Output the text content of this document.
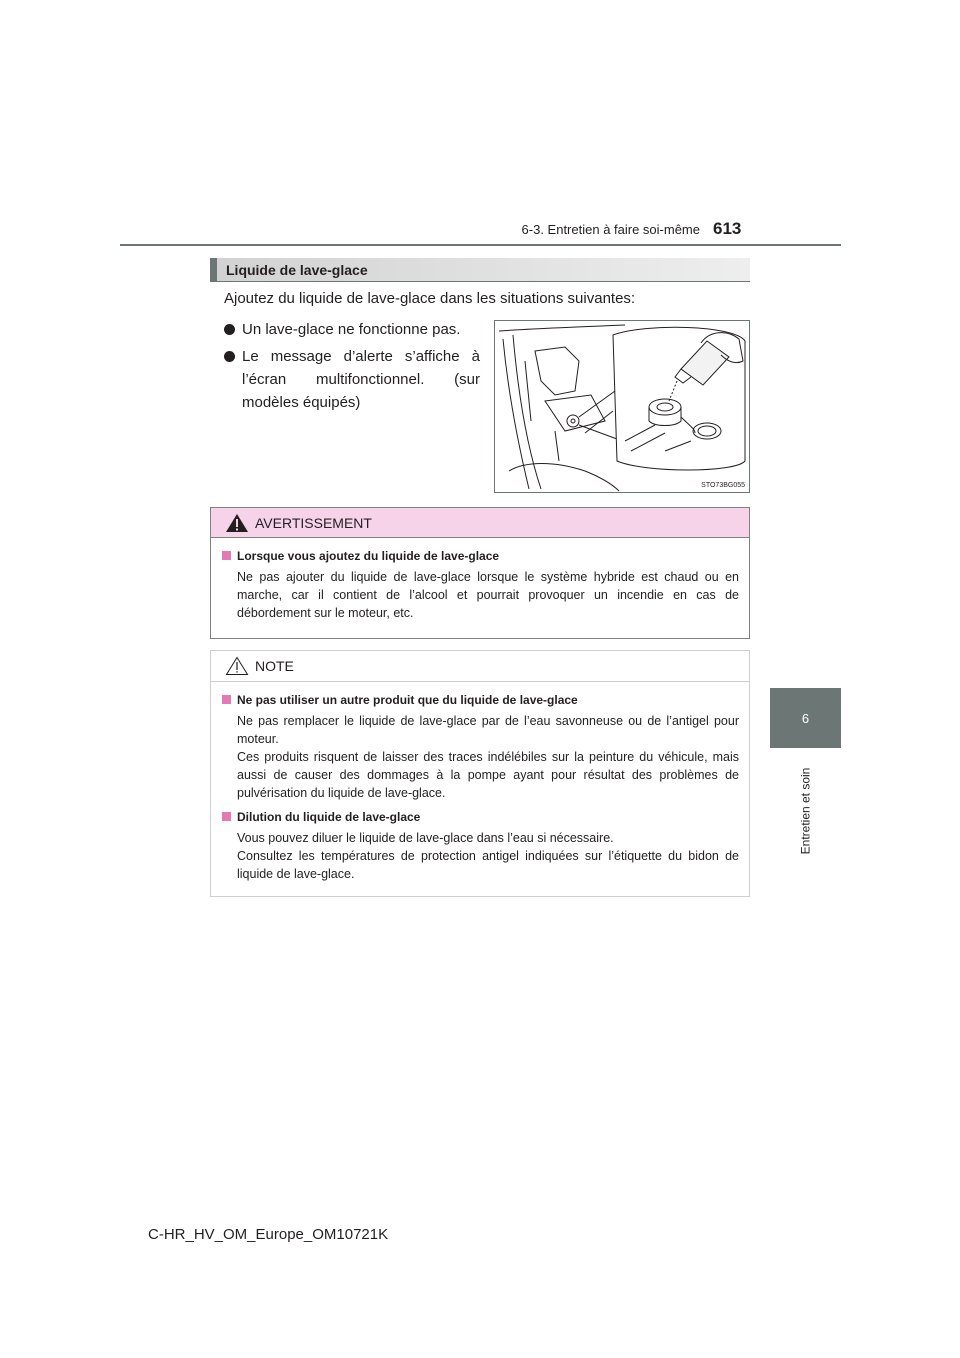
6-3. Entretien à faire soi-même 613
6
Entretien et soin
Liquide de lave-glace
Ajoutez du liquide de lave-glace dans les situations suivantes:
Un lave-glace ne fonctionne pas.
Le message d’alerte s’affiche à l’écran multifonctionnel. (sur modèles équipés)
STO73BG055
AVERTISSEMENT
Lorsque vous ajoutez du liquide de lave-glace

Ne pas ajouter du liquide de lave-glace lorsque le système hybride est chaud ou en marche, car il contient de l’alcool et pourrait provoquer un incendie en cas de débordement sur le moteur, etc.

NOTE
Ne pas utiliser un autre produit que du liquide de lave-glace

Ne pas remplacer le liquide de lave-glace par de l’eau savonneuse ou de l’antigel pour moteur.

Ces produits risquent de laisser des traces indélébiles sur la peinture du véhicule, mais aussi de causer des dommages à la pompe ayant pour résultat des problèmes de pulvérisation du liquide de lave-glace.

Dilution du liquide de lave-glace

Vous pouvez diluer le liquide de lave-glace dans l’eau si nécessaire.

Consultez les températures de protection antigel indiquées sur l’étiquette du bidon de liquide de lave-glace.

C-HR_HV_OM_Europe_OM10721K
